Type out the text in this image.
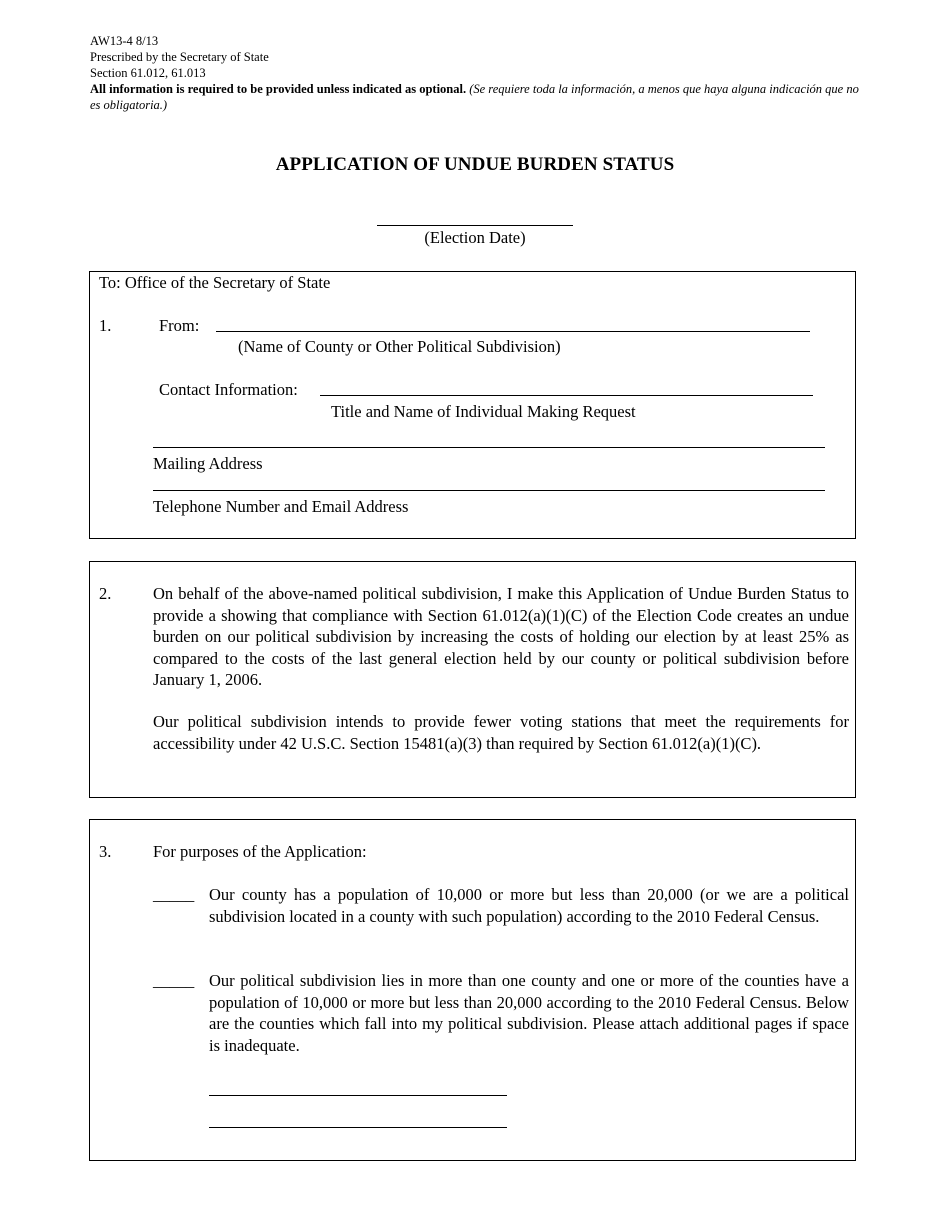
AW13-4 8/13
Prescribed by the Secretary of State
Section 61.012, 61.013
All information is required to be provided unless indicated as optional. (Se requiere toda la información, a menos que haya alguna indicación que no es obligatoria.)
APPLICATION OF UNDUE BURDEN STATUS
(Election Date)
To: Office of the Secretary of State
1.	From:
(Name of County or Other Political Subdivision)
Contact Information:
Title and Name of Individual Making Request
Mailing Address
Telephone Number and Email Address
2.	On behalf of the above-named political subdivision, I make this Application of Undue Burden Status to provide a showing that compliance with Section 61.012(a)(1)(C) of the Election Code creates an undue burden on our political subdivision by increasing the costs of holding our election by at least 25% as compared to the costs of the last general election held by our county or political subdivision before January 1, 2006.
Our political subdivision intends to provide fewer voting stations that meet the requirements for accessibility under 42 U.S.C. Section 15481(a)(3) than required by Section 61.012(a)(1)(C).
3.	For purposes of the Application:
_____ Our county has a population of 10,000 or more but less than 20,000 (or we are a political subdivision located in a county with such population) according to the 2010 Federal Census.
_____ Our political subdivision lies in more than one county and one or more of the counties have a population of 10,000 or more but less than 20,000 according to the 2010 Federal Census. Below are the counties which fall into my political subdivision. Please attach additional pages if space is inadequate.
